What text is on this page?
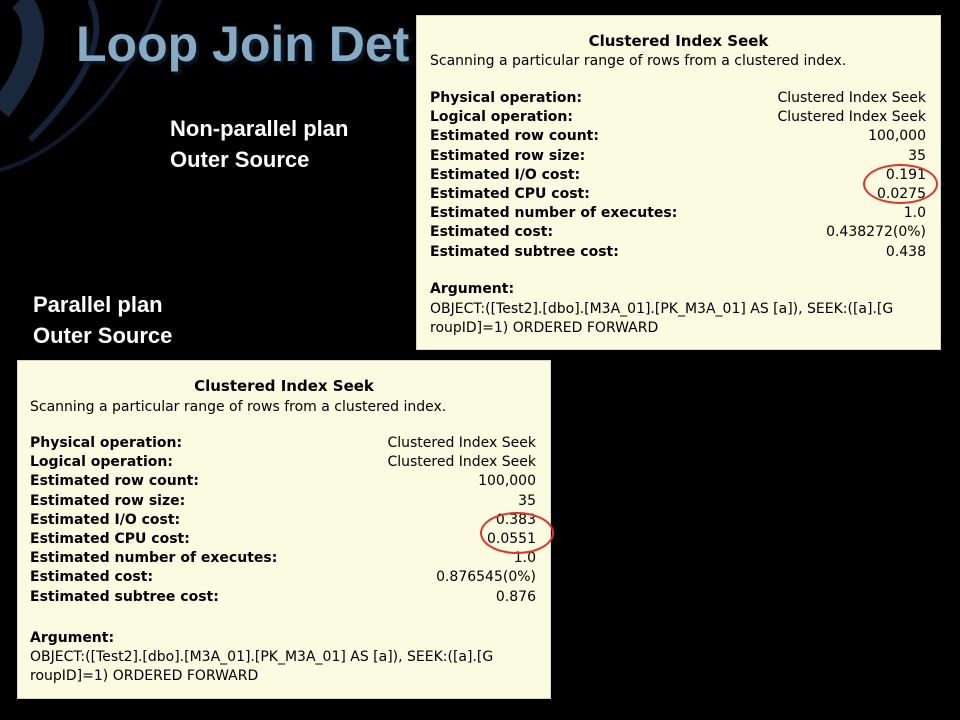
Loop Join Det
Non-parallel plan
Outer Source
Parallel plan
Outer Source
Clustered Index Seek
Scanning a particular range of rows from a clustered index.
Physical operation:	Clustered Index Seek
Logical operation:	Clustered Index Seek
Estimated row count:	100,000
Estimated row size:	35
Estimated I/O cost:	0.191
Estimated CPU cost:	0.0275
Estimated number of executes:	1.0
Estimated cost:	0.438272(0%)
Estimated subtree cost:	0.438
Argument:
OBJECT:([Test2].[dbo].[M3A_01].[PK_M3A_01] AS [a]), SEEK:([a].[G
roupID]=1) ORDERED FORWARD
Clustered Index Seek
Scanning a particular range of rows from a clustered index.
Physical operation:	Clustered Index Seek
Logical operation:	Clustered Index Seek
Estimated row count:	100,000
Estimated row size:	35
Estimated I/O cost:	0.383
Estimated CPU cost:	0.0551
Estimated number of executes:	1.0
Estimated cost:	0.876545(0%)
Estimated subtree cost:	0.876
Argument:
OBJECT:([Test2].[dbo].[M3A_01].[PK_M3A_01] AS [a]), SEEK:([a].[G
roupID]=1) ORDERED FORWARD
